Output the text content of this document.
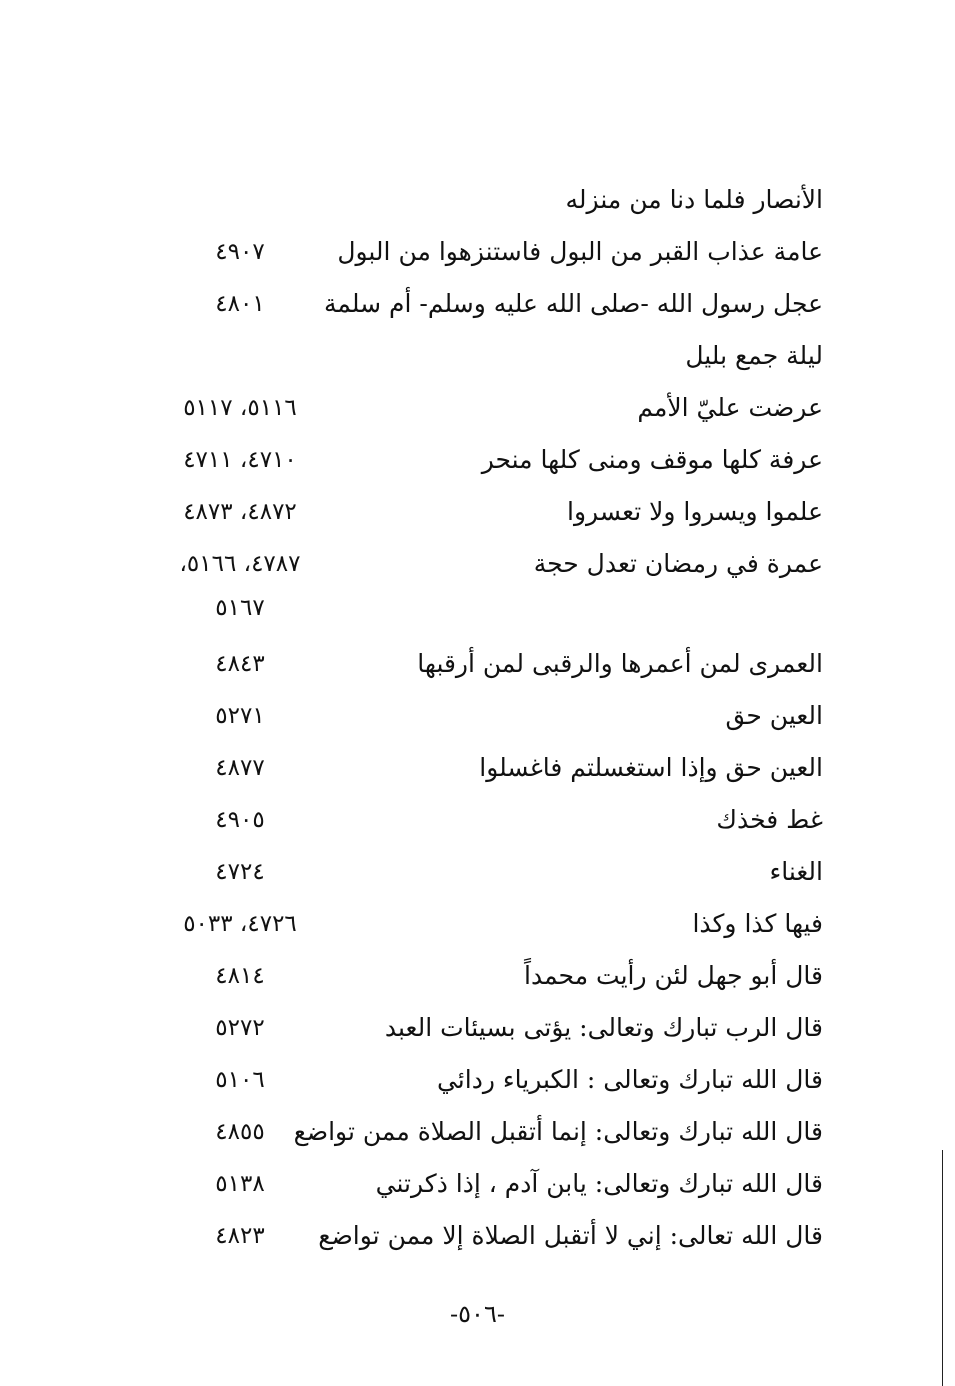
الأنصار فلما دنا من منزله
عامة عذاب القبر من البول فاستنزهوا من البول
٤٩٠٧
عجل رسول الله -صلى الله عليه وسلم- أم سلمة
٤٨٠١
ليلة جمع بليل
عرضت عليّ الأمم
٥١١٦، ٥١١٧
عرفة كلها موقف ومنى كلها منحر
٤٧١٠، ٤٧١١
علموا ويسروا ولا تعسروا
٤٨٧٢، ٤٨٧٣
عمرة في رمضان تعدل حجة
٤٧٨٧، ٥١٦٦،
٥١٦٧
العمرى لمن أعمرها والرقبى لمن أرقبها
٤٨٤٣
العين حق
٥٢٧١
العين حق وإذا استغسلتم فاغسلوا
٤٨٧٧
غط فخذك
٤٩٠٥
الغناء
٤٧٢٤
فيها كذا وكذا
٤٧٢٦، ٥٠٣٣
قال أبو جهل لئن رأيت محمداً
٤٨١٤
قال الرب تبارك وتعالى: يؤتى بسيئات العبد
٥٢٧٢
قال الله تبارك وتعالى : الكبرياء ردائي
٥١٠٦
قال الله تبارك وتعالى: إنما أتقبل الصلاة ممن تواضع
٤٨٥٥
قال الله تبارك وتعالى: يابن آدم ، إذا ذكرتني
٥١٣٨
قال الله تعالى: إني لا أتقبل الصلاة إلا ممن تواضع
٤٨٢٣
-٥٠٦-
